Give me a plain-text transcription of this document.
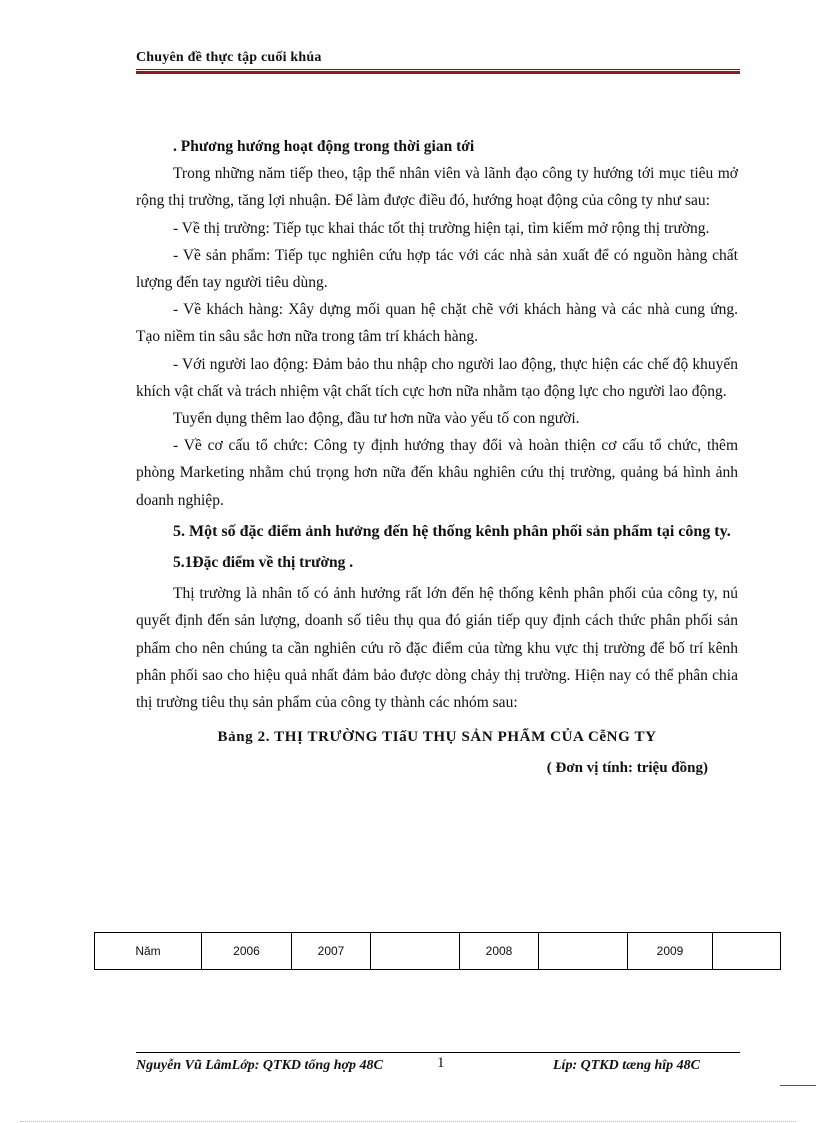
Chuyên đề thực tập cuối khúa

. Phương hướng hoạt động trong thời gian tới

Trong những năm tiếp theo, tập thể nhân viên và lãnh đạo công ty hướng tới mục tiêu mở rộng thị trường, tăng lợi nhuận. Để làm được điều đó, hướng hoạt động của công ty như sau:

- Về thị trường: Tiếp tục khai thác tốt thị trường hiện tại, tìm kiếm mở rộng thị trường.

- Về sản phẩm: Tiếp tục nghiên cứu hợp tác với các nhà sản xuất để có nguồn hàng chất lượng đến tay người tiêu dùng.

- Về khách hàng: Xây dựng mối quan hệ chặt chẽ với khách hàng và các nhà cung ứng. Tạo niềm tin sâu sắc hơn nữa trong tâm trí khách hàng.

- Với người lao động: Đảm bảo thu nhập cho người lao động, thực hiện các chế độ khuyến khích vật chất và trách nhiệm vật chất tích cực hơn nữa nhằm tạo động lực cho người lao động.

Tuyển dụng thêm lao động, đầu tư hơn nữa vào yếu tố con người.

- Về cơ cấu tổ chức: Công ty định hướng thay đổi và hoàn thiện cơ cấu tổ chức, thêm phòng Marketing nhằm chú trọng hơn nữa đến khâu nghiên cứu thị trường, quảng bá hình ảnh doanh nghiệp.

5. Một số đặc điểm ảnh hưởng đến hệ thống kênh phân phối sản phẩm tại công ty.

5.1Đặc điểm về thị trường .

Thị trường là nhân tố có ảnh hưởng rất lớn đến hệ thống kênh phân phối của công ty, nú quyết định đến sản lượng, doanh số tiêu thụ qua đó gián tiếp quy định cách thức phân phối sản phẩm cho nên chúng ta cần nghiên cứu rõ đặc điểm của từng khu vực thị trường để bố trí kênh phân phối sao cho hiệu quả nhất đảm bảo được dòng chảy thị trường. Hiện nay có thể phân chia thị trường tiêu thụ sản phẩm của công ty thành các nhóm sau:

Bảng 2. THỊ TRƯỜNG TIấU THỤ SẢN PHẨM CỦA CễNG TY

( Đơn vị tính: triệu đồng)

Năm	2006	2007		2008		2009	
Nguyễn Vũ LâmLớp: QTKD tổng hợp 48C	1	Líp: QTKD tæng hîp 48C
